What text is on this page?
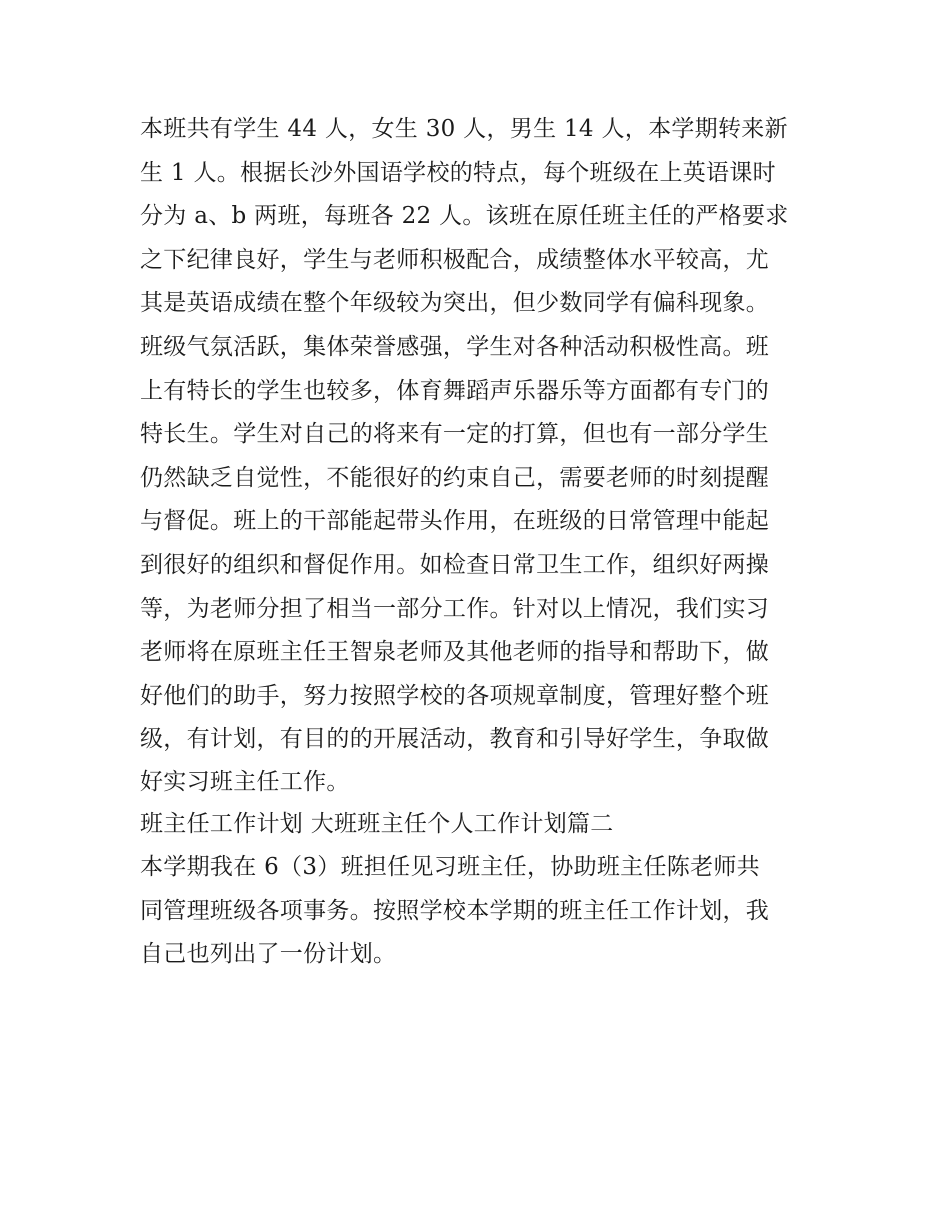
本班共有学生 44 人，女生 30 人，男生 14 人，本学期转来新
生 1 人。根据长沙外国语学校的特点，每个班级在上英语课时
分为 a、b 两班，每班各 22 人。该班在原任班主任的严格要求
之下纪律良好，学生与老师积极配合，成绩整体水平较高，尤
其是英语成绩在整个年级较为突出，但少数同学有偏科现象。
班级气氛活跃，集体荣誉感强，学生对各种活动积极性高。班
上有特长的学生也较多，体育舞蹈声乐器乐等方面都有专门的
特长生。学生对自己的将来有一定的打算，但也有一部分学生
仍然缺乏自觉性，不能很好的约束自己，需要老师的时刻提醒
与督促。班上的干部能起带头作用，在班级的日常管理中能起
到很好的组织和督促作用。如检查日常卫生工作，组织好两操
等，为老师分担了相当一部分工作。针对以上情况，我们实习
老师将在原班主任王智泉老师及其他老师的指导和帮助下，做
好他们的助手，努力按照学校的各项规章制度，管理好整个班
级，有计划，有目的的开展活动，教育和引导好学生，争取做
好实习班主任工作。
班主任工作计划 大班班主任个人工作计划篇二
本学期我在 6（3）班担任见习班主任，协助班主任陈老师共
同管理班级各项事务。按照学校本学期的班主任工作计划，我
自己也列出了一份计划。
